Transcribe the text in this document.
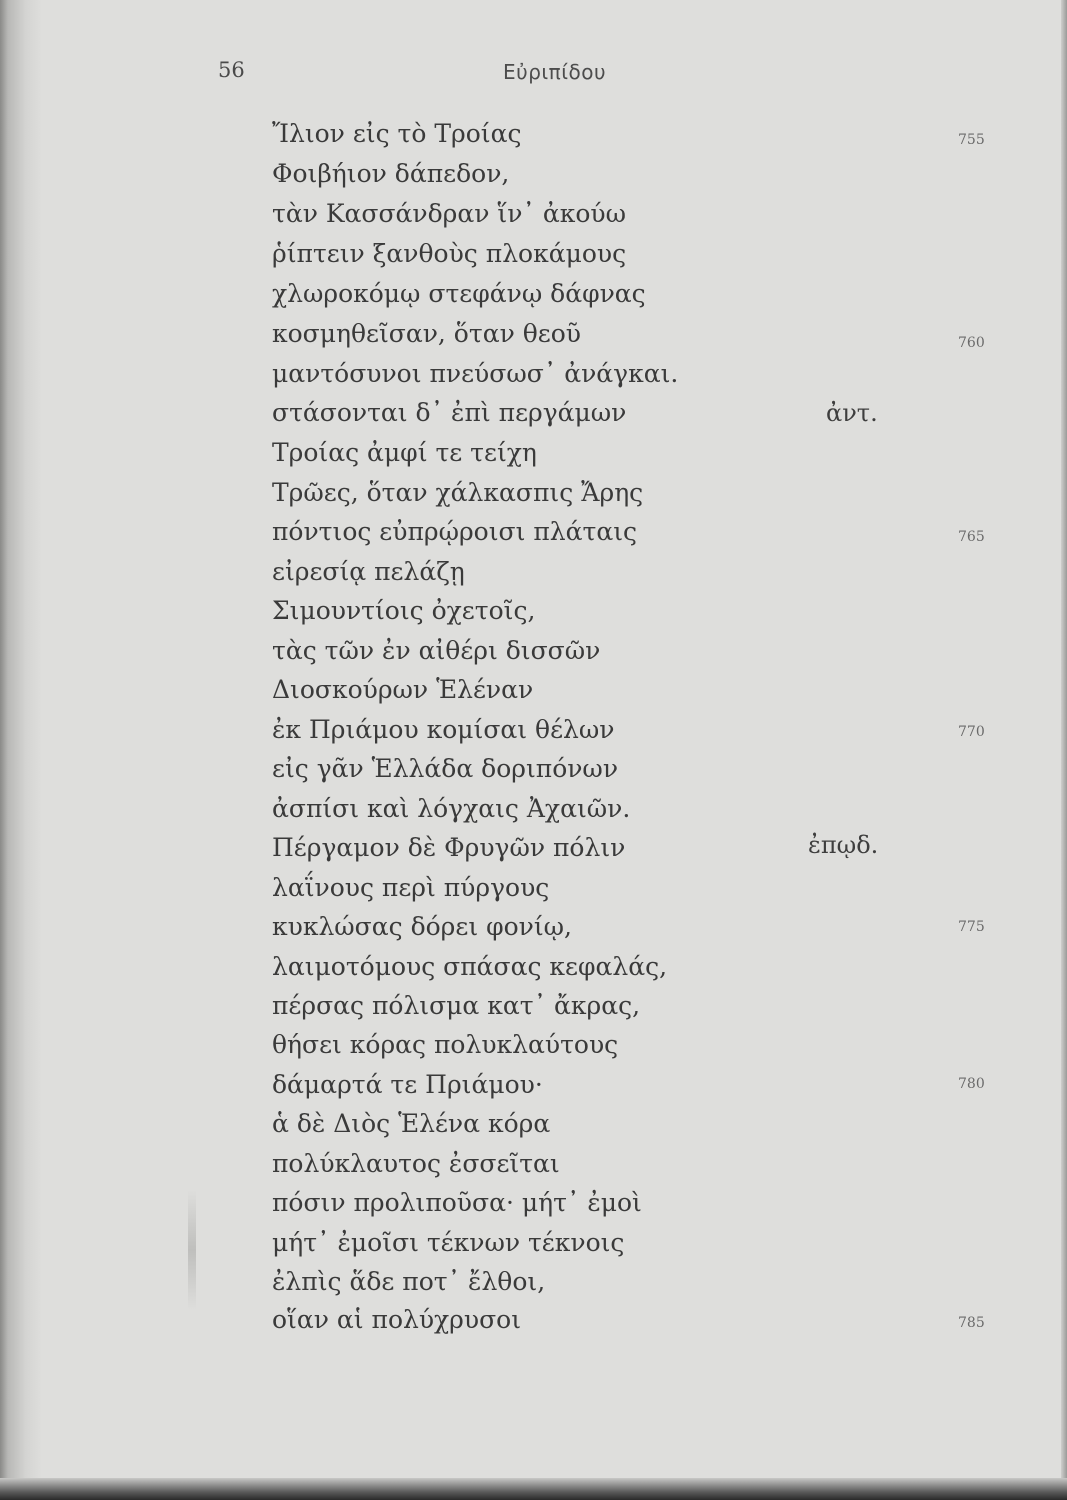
56	Εὐριπίδου
Ἴλιον εἰς τὸ Τροίας
Φοιβήιον δάπεδον,
τὰν Κασσάνδραν ἵν᾽ ἀκούω
ῥίπτειν ξανθοὺς πλοκάμους
χλωροκόμῳ στεφάνῳ δάφνας
κοσμηθεῖσαν, ὅταν θεοῦ
μαντόσυνοι πνεύσωσ᾽ ἀνάγκαι.
στάσονται δ᾽ ἐπὶ περγάμων
Τροίας ἀμφί τε τείχη
Τρῶες, ὅταν χάλκασπις Ἄρης
πόντιος εὐπρῴροισι πλάταις
εἰρεσίᾳ πελάζῃ
Σιμουντίοις ὀχετοῖς,
τὰς τῶν ἐν αἰθέρι δισσῶν
Διοσκούρων Ἑλέναν
ἐκ Πριάμου κομίσαι θέλων
εἰς γᾶν Ἑλλάδα δοριπόνων
ἀσπίσι καὶ λόγχαις Ἀχαιῶν.
Πέργαμον δὲ Φρυγῶν πόλιν
λαΐνους περὶ πύργους
κυκλώσας δόρει φονίῳ,
λαιμοτόμους σπάσας κεφαλάς,
πέρσας πόλισμα κατ᾽ ἄκρας,
θήσει κόρας πολυκλαύτους
δάμαρτά τε Πριάμου·
ἁ δὲ Διὸς Ἑλένα κόρα
πολύκλαυτος ἐσσεῖται
πόσιν προλιποῦσα· μήτ᾽ ἐμοὶ
μήτ᾽ ἐμοῖσι τέκνων τέκνοις
ἐλπὶς ἅδε ποτ᾽ ἔλθοι,
οἵαν αἱ πολύχρυσοι
755
760
765
770
775
780
785
ἀντ.
ἐπῳδ.
